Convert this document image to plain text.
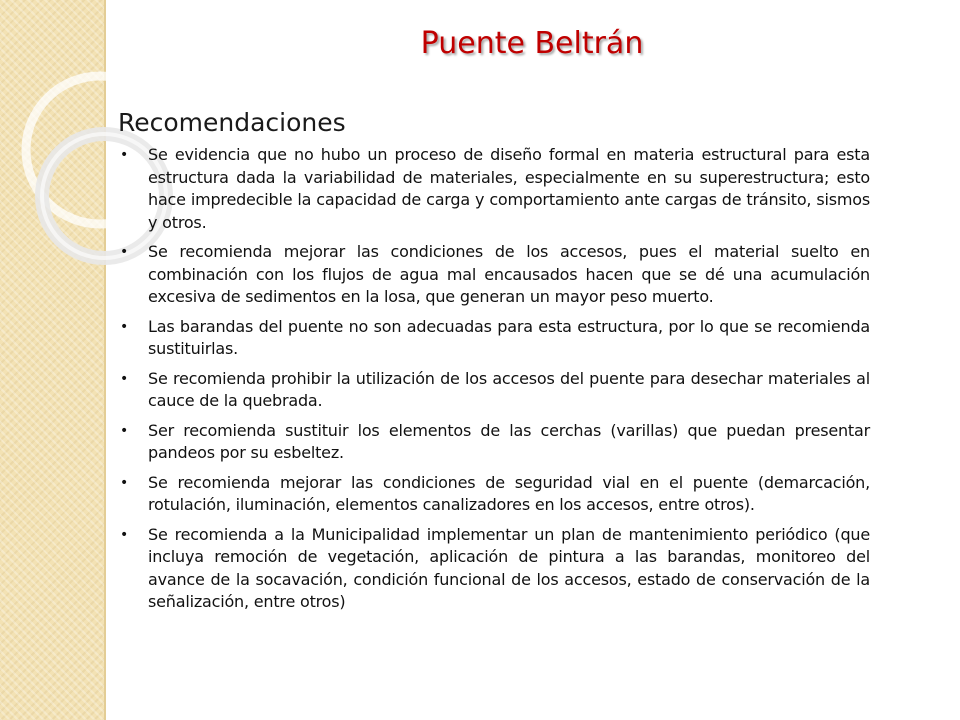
Puente Beltrán
Recomendaciones
• Se evidencia que no hubo un proceso de diseño formal en materia estructural para esta estructura dada la variabilidad de materiales, especialmente en su superestructura; esto hace impredecible la capacidad de carga y comportamiento ante cargas de tránsito, sismos y otros.
• Se recomienda mejorar las condiciones de los accesos, pues el material suelto en combinación con los flujos de agua mal encausados hacen que se dé una acumulación excesiva de sedimentos en la losa, que generan un mayor peso muerto.
• Las barandas del puente no son adecuadas para esta estructura, por lo que se recomienda sustituirlas.
• Se recomienda prohibir la utilización de los accesos del puente para desechar materiales al cauce de la quebrada.
• Ser recomienda sustituir los elementos de las cerchas (varillas) que puedan presentar pandeos por su esbeltez.
• Se recomienda mejorar las condiciones de seguridad vial en el puente (demarcación, rotulación, iluminación, elementos canalizadores en los accesos, entre otros).
• Se recomienda a la Municipalidad implementar un plan de mantenimiento periódico (que incluya remoción de vegetación, aplicación de pintura a las barandas, monitoreo del avance de la socavación, condición funcional de los accesos, estado de conservación de la señalización, entre otros)
